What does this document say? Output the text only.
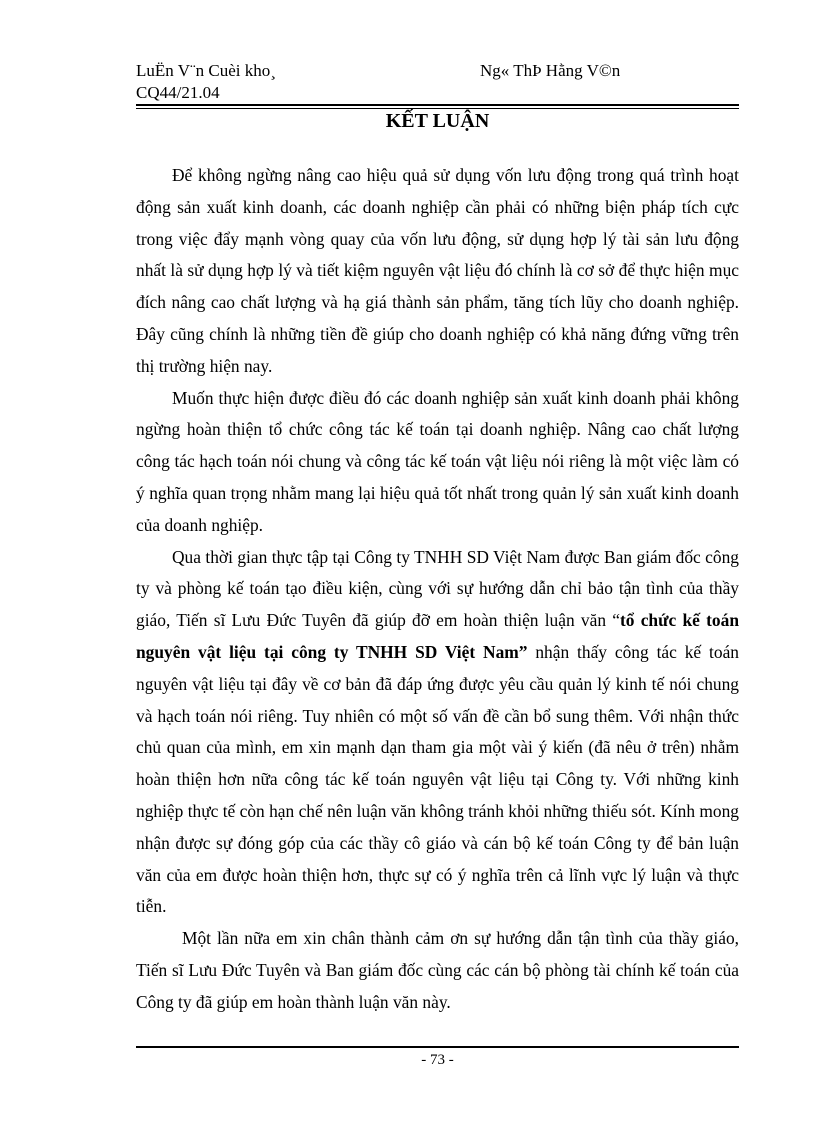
LuËn V¨n Cuèi kho¸	Ng« ThÞ Hằng V©n
CQ44/21.04
KẾT LUẬN

Để không ngừng nâng cao hiệu quả sử dụng vốn lưu động trong quá trình hoạt động sản xuất kinh doanh, các doanh nghiệp cần phải có những biện pháp tích cực trong việc đẩy mạnh vòng quay của vốn lưu động, sử dụng hợp lý tài sản lưu động nhất là sử dụng hợp lý và tiết kiệm nguyên vật liệu đó chính là cơ sở để thực hiện mục đích nâng cao chất lượng và hạ giá thành sản phẩm, tăng tích lũy cho doanh nghiệp. Đây cũng chính là những tiền đề giúp cho doanh nghiệp có khả năng đứng vững trên thị trường hiện nay.

Muốn thực hiện được điều đó các doanh nghiệp sản xuất kinh doanh phải không ngừng hoàn thiện tổ chức công tác kế toán tại doanh nghiệp. Nâng cao chất lượng công tác hạch toán nói chung và công tác kế toán vật liệu nói riêng là một việc làm có ý nghĩa quan trọng nhằm mang lại hiệu quả tốt nhất trong quản lý sản xuất kinh doanh của doanh nghiệp.

Qua thời gian thực tập tại Công ty TNHH SD Việt Nam được Ban giám đốc công ty và phòng kế toán tạo điều kiện, cùng với sự hướng dẫn chỉ bảo tận tình của thầy giáo, Tiến sĩ Lưu Đức Tuyên đã giúp đỡ em hoàn thiện luận văn “tổ chức kế toán nguyên vật liệu tại công ty TNHH SD Việt Nam” nhận thấy công tác kế toán nguyên vật liệu tại đây về cơ bản đã đáp ứng được yêu cầu quản lý kinh tế nói chung và hạch toán nói riêng. Tuy nhiên có một số vấn đề cần bổ sung thêm. Với nhận thức chủ quan của mình, em xin mạnh dạn tham gia một vài ý kiến (đã nêu ở trên) nhằm hoàn thiện hơn nữa công tác kế toán nguyên vật liệu tại Công ty. Với những kinh nghiệp thực tế còn hạn chế nên luận văn không tránh khỏi những thiếu sót. Kính mong nhận được sự đóng góp của các thầy cô giáo và cán bộ kế toán Công ty để bản luận văn của em được hoàn thiện hơn, thực sự có ý nghĩa trên cả lĩnh vực lý luận và thực tiễn.

Một lần nữa em xin chân thành cảm ơn sự hướng dẫn tận tình của thầy giáo, Tiến sĩ Lưu Đức Tuyên và Ban giám đốc cùng các cán bộ phòng tài chính kế toán của Công ty đã giúp em hoàn thành luận văn này.

- 73 -
